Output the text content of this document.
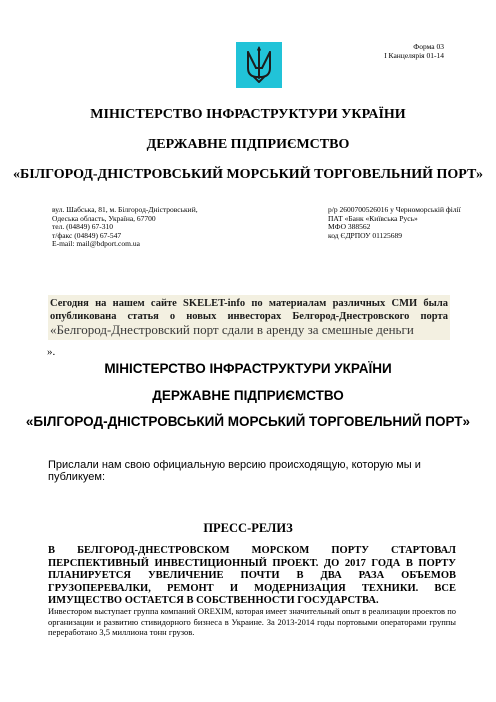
Форма 03
І Канцелярія 01-14
МІНІСТЕРСТВО ІНФРАСТРУКТУРИ УКРАЇНИ
ДЕРЖАВНЕ ПІДПРИЄМСТВО
«БІЛГОРОД-ДНІСТРОВСЬКИЙ МОРСЬКИЙ ТОРГОВЕЛЬНИЙ ПОРТ»
вул. Шабська, 81, м. Білгород-Дністровський,
Одеська область, Україна, 67700
тел. (04849) 67-310
т/факс (04849) 67-547
E-mail: mail@bdport.com.ua
р/р 2600700526016 у Черноморській філії
ПАТ «Банк «Київська Русь»
МФО 388562
код ЄДРПОУ 01125689
Сегодня на нашем сайте SKELET-info по материалам различных СМИ была опубликована статья о новых инвесторах Белгород-Днестровского порта «Белгород-Днестровский порт сдали в аренду за смешные деньги
».
МІНІСТЕРСТВО ІНФРАСТРУКТУРИ УКРАЇНИ
ДЕРЖАВНЕ ПІДПРИЄМСТВО
«БІЛГОРОД-ДНІСТРОВСЬКИЙ МОРСЬКИЙ ТОРГОВЕЛЬНИЙ ПОРТ»
Прислали нам свою официальную версию происходящую, которую мы и публикуем:
ПРЕСС-РЕЛИЗ
В БЕЛГОРОД-ДНЕСТРОВСКОМ МОРСКОМ ПОРТУ СТАРТОВАЛ ПЕРСПЕКТИВНЫЙ ИНВЕСТИЦИОННЫЙ ПРОЕКТ. ДО 2017 ГОДА В ПОРТУ ПЛАНИРУЕТСЯ УВЕЛИЧЕНИЕ ПОЧТИ В ДВА РАЗА ОБЪЕМОВ ГРУЗОПЕРЕВАЛКИ, РЕМОНТ И МОДЕРНИЗАЦИЯ ТЕХНИКИ. ВСЕ ИМУЩЕСТВО ОСТАЕТСЯ В СОБСТВЕННОСТИ ГОСУДАРСТВА.
Инвестором выступает группа компаний OREXIM, которая имеет значительный опыт в реализации проектов по организации и развитию стивидорного бизнеса в Украине. За 2013-2014 годы портовыми операторами группы переработано 3,5 миллиона тонн грузов.
